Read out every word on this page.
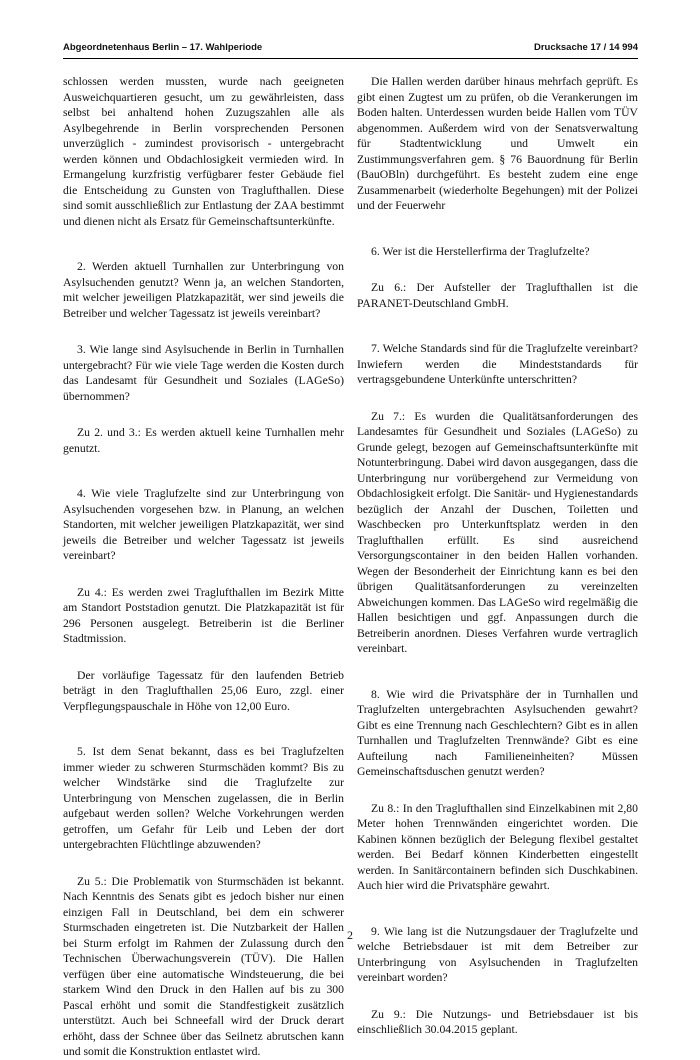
Abgeordnetenhaus Berlin – 17. Wahlperiode	Drucksache 17 / 14 994

schlossen werden mussten, wurde nach geeigneten Ausweichquartieren gesucht, um zu gewährleisten, dass selbst bei anhaltend hohen Zuzugszahlen alle als Asylbegehrende in Berlin vorsprechenden Personen unverzüglich - zumindest provisorisch - untergebracht werden können und Obdachlosigkeit vermieden wird. In Ermangelung kurzfristig verfügbarer fester Gebäude fiel die Entscheidung zu Gunsten von Traglufthallen. Diese sind somit ausschließlich zur Entlastung der ZAA bestimmt und dienen nicht als Ersatz für Gemeinschaftsunterkünfte.

2. Werden aktuell Turnhallen zur Unterbringung von Asylsuchenden genutzt? Wenn ja, an welchen Standorten, mit welcher jeweiligen Platzkapazität, wer sind jeweils die Betreiber und welcher Tagessatz ist jeweils vereinbart?

3. Wie lange sind Asylsuchende in Berlin in Turnhallen untergebracht? Für wie viele Tage werden die Kosten durch das Landesamt für Gesundheit und Soziales (LAGeSo) übernommen?

Zu 2. und 3.: Es werden aktuell keine Turnhallen mehr genutzt.

4. Wie viele Traglufzelte sind zur Unterbringung von Asylsuchenden vorgesehen bzw. in Planung, an welchen Standorten, mit welcher jeweiligen Platzkapazität, wer sind jeweils die Betreiber und welcher Tagessatz ist jeweils vereinbart?

Zu 4.: Es werden zwei Traglufthallen im Bezirk Mitte am Standort Poststadion genutzt. Die Platzkapazität ist für 296 Personen ausgelegt. Betreiberin ist die Berliner Stadtmission.

Der vorläufige Tagessatz für den laufenden Betrieb beträgt in den Traglufthallen 25,06 Euro, zzgl. einer Verpflegungspauschale in Höhe von 12,00 Euro.

5. Ist dem Senat bekannt, dass es bei Traglufzelten immer wieder zu schweren Sturmschäden kommt? Bis zu welcher Windstärke sind die Traglufzelte zur Unterbringung von Menschen zugelassen, die in Berlin aufgebaut werden sollen? Welche Vorkehrungen werden getroffen, um Gefahr für Leib und Leben der dort untergebrachten Flüchtlinge abzuwenden?

Zu 5.: Die Problematik von Sturmschäden ist bekannt. Nach Kenntnis des Senats gibt es jedoch bisher nur einen einzigen Fall in Deutschland, bei dem ein schwerer Sturmschaden eingetreten ist. Die Nutzbarkeit der Hallen bei Sturm erfolgt im Rahmen der Zulassung durch den Technischen Überwachungsverein (TÜV). Die Hallen verfügen über eine automatische Windsteuerung, die bei starkem Wind den Druck in den Hallen auf bis zu 300 Pascal erhöht und somit die Standfestigkeit zusätzlich unterstützt. Auch bei Schneefall wird der Druck derart erhöht, dass der Schnee über das Seilnetz abrutschen kann und somit die Konstruktion entlastet wird.

Die Hallen werden darüber hinaus mehrfach geprüft. Es gibt einen Zugtest um zu prüfen, ob die Verankerungen im Boden halten. Unterdessen wurden beide Hallen vom TÜV abgenommen. Außerdem wird von der Senatsverwaltung für Stadtentwicklung und Umwelt ein Zustimmungsverfahren gem. § 76 Bauordnung für Berlin (BauOBln) durchgeführt. Es besteht zudem eine enge Zusammenarbeit (wiederholte Begehungen) mit der Polizei und der Feuerwehr

6. Wer ist die Herstellerfirma der Traglufzelte?

Zu 6.: Der Aufsteller der Traglufthallen ist die PARANET-Deutschland GmbH.

7. Welche Standards sind für die Traglufzelte vereinbart? Inwiefern werden die Mindeststandards für vertragsgebundene Unterkünfte unterschritten?

Zu 7.: Es wurden die Qualitätsanforderungen des Landesamtes für Gesundheit und Soziales (LAGeSo) zu Grunde gelegt, bezogen auf Gemeinschaftsunterkünfte mit Notunterbringung. Dabei wird davon ausgegangen, dass die Unterbringung nur vorübergehend zur Vermeidung von Obdachlosigkeit erfolgt. Die Sanitär- und Hygienestandards bezüglich der Anzahl der Duschen, Toiletten und Waschbecken pro Unterkunftsplatz werden in den Traglufthallen erfüllt. Es sind ausreichend Versorgungscontainer in den beiden Hallen vorhanden. Wegen der Besonderheit der Einrichtung kann es bei den übrigen Qualitätsanforderungen zu vereinzelten Abweichungen kommen. Das LAGeSo wird regelmäßig die Hallen besichtigen und ggf. Anpassungen durch die Betreiberin anordnen. Dieses Verfahren wurde vertraglich vereinbart.

8. Wie wird die Privatsphäre der in Turnhallen und Traglufzelten untergebrachten Asylsuchenden gewahrt? Gibt es eine Trennung nach Geschlechtern? Gibt es in allen Turnhallen und Traglufzelten Trennwände? Gibt es eine Aufteilung nach Familieneinheiten? Müssen Gemeinschaftsduschen genutzt werden?

Zu 8.: In den Traglufthallen sind Einzelkabinen mit 2,80 Meter hohen Trennwänden eingerichtet worden. Die Kabinen können bezüglich der Belegung flexibel gestaltet werden. Bei Bedarf können Kinderbetten eingestellt werden. In Sanitärcontainern befinden sich Duschkabinen. Auch hier wird die Privatsphäre gewahrt.

9. Wie lang ist die Nutzungsdauer der Traglufzelte und welche Betriebsdauer ist mit dem Betreiber zur Unterbringung von Asylsuchenden in Traglufzelten vereinbart worden?

Zu 9.: Die Nutzungs- und Betriebsdauer ist bis einschließlich 30.04.2015 geplant.

2
